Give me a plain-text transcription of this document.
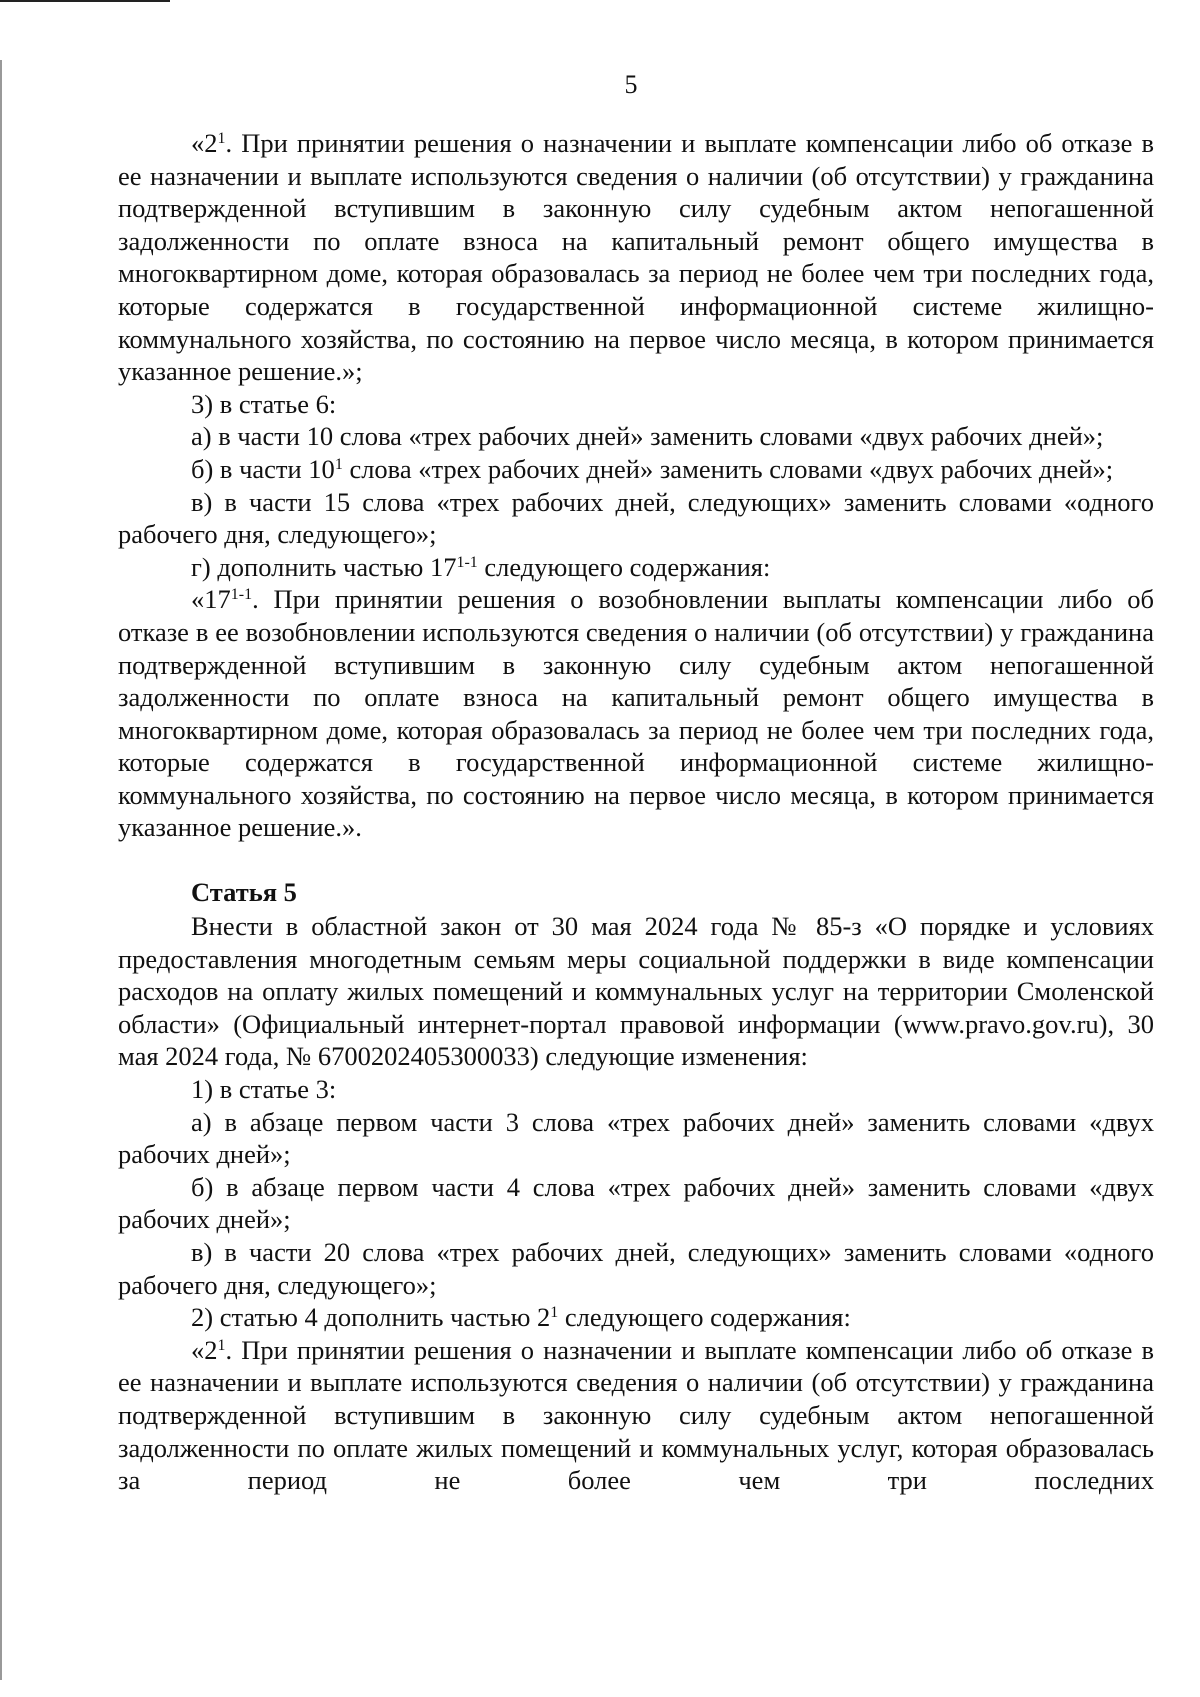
5

«$2^1$. При принятии решения о назначении и выплате компенсации либо об отказе в ее назначении и выплате используются сведения о наличии (об отсутствии) у гражданина подтвержденной вступившим в законную силу судебным актом непогашенной задолженности по оплате взноса на капитальный ремонт общего имущества в многоквартирном доме, которая образовалась за период не более чем три последних года, которые содержатся в государственной информационной системе жилищно-коммунального хозяйства, по состоянию на первое число месяца, в котором принимается указанное решение.»;

3) в статье 6:

а) в части 10 слова «трех рабочих дней» заменить словами «двух рабочих дней»;

б) в части $10^1$ слова «трех рабочих дней» заменить словами «двух рабочих дней»;

в) в части 15 слова «трех рабочих дней, следующих» заменить словами «одного рабочего дня, следующего»;

г) дополнить частью 17$^{1-1}$ следующего содержания:

«17$^{1-1}$. При принятии решения о возобновлении выплаты компенсации либо об отказе в ее возобновлении используются сведения о наличии (об отсутствии) у гражданина подтвержденной вступившим в законную силу судебным актом непогашенной задолженности по оплате взноса на капитальный ремонт общего имущества в многоквартирном доме, которая образовалась за период не более чем три последних года, которые содержатся в государственной информационной системе жилищно-коммунального хозяйства, по состоянию на первое число месяца, в котором принимается указанное решение.».

Статья 5

Внести в областной закон от 30 мая 2024 года № 85-з «О порядке и условиях предоставления многодетным семьям меры социальной поддержки в виде компенсации расходов на оплату жилых помещений и коммунальных услуг на территории Смоленской области» (Официальный интернет-портал правовой информации (www.pravo.gov.ru), 30 мая 2024 года, № 6700202405300033) следующие изменения:

1) в статье 3:

а) в абзаце первом части 3 слова «трех рабочих дней» заменить словами «двух рабочих дней»;

б) в абзаце первом части 4 слова «трех рабочих дней» заменить словами «двух рабочих дней»;

в) в части 20 слова «трех рабочих дней, следующих» заменить словами «одного рабочего дня, следующего»;

2) статью 4 дополнить частью $2^1$ следующего содержания:

«$2^1$. При принятии решения о назначении и выплате компенсации либо об отказе в ее назначении и выплате используются сведения о наличии (об отсутствии) у гражданина подтвержденной вступившим в законную силу судебным актом непогашенной задолженности по оплате жилых помещений и коммунальных услуг, которая образовалась за период не более чем три последних
